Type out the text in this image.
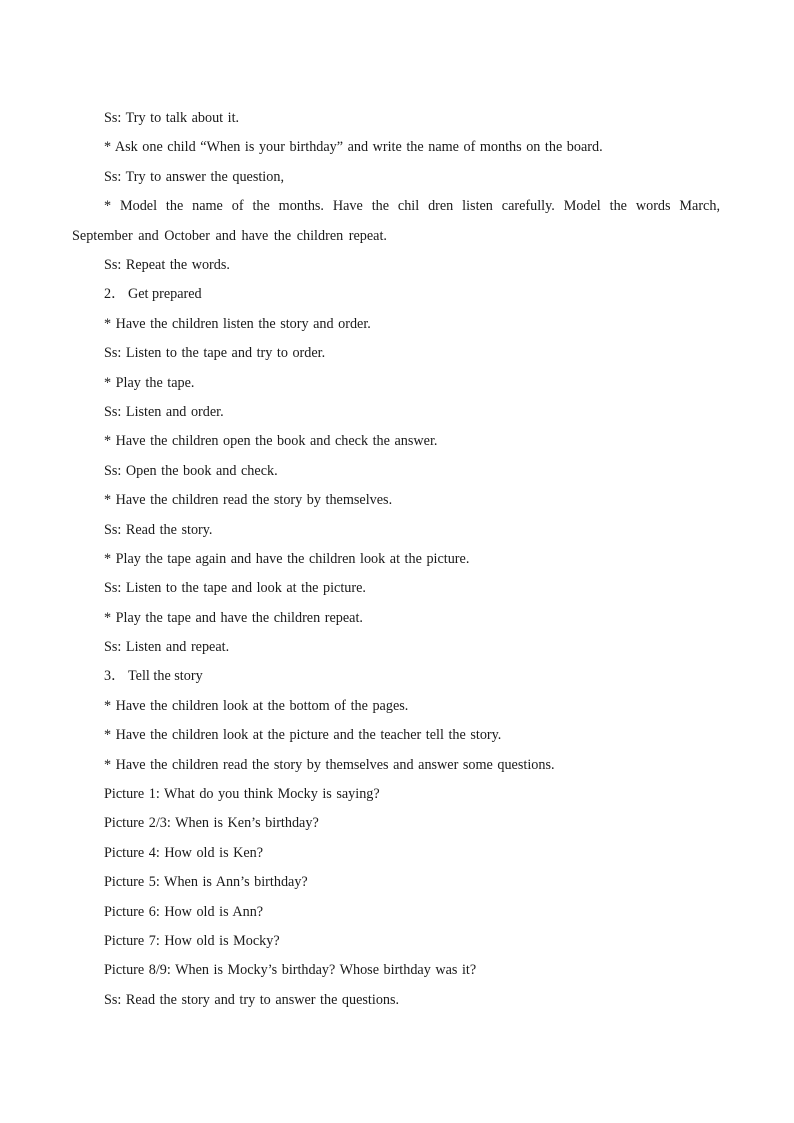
Ss: Try to talk about it.
* Ask one child “When is your birthday” and write the name of months on the board.
Ss: Try to answer the question,
* Model the name of the months. Have the chil dren listen carefully. Model the words March, September and October and have the children repeat.
Ss: Repeat the words.
2． Get prepared
* Have the children listen the story and order.
Ss: Listen to the tape and try to order.
* Play the tape.
Ss: Listen and order.
* Have the children open the book and check the answer.
Ss: Open the book and check.
* Have the children read the story by themselves.
Ss: Read the story.
* Play the tape again and have the children look at the picture.
Ss: Listen to the tape and look at the picture.
* Play the tape and have the children repeat.
Ss: Listen and repeat.
3． Tell the story
* Have the children look at the bottom of the pages.
* Have the children look at the picture and the teacher tell the story.
* Have the children read the story by themselves and answer some questions.
Picture 1: What do you think Mocky is saying?
Picture 2/3: When is Ken’s birthday?
Picture 4: How old is Ken?
Picture 5: When is Ann’s birthday?
Picture 6: How old is Ann?
Picture 7: How old is Mocky?
Picture 8/9: When is Mocky’s birthday? Whose birthday was it?
Ss: Read the story and try to answer the questions.
